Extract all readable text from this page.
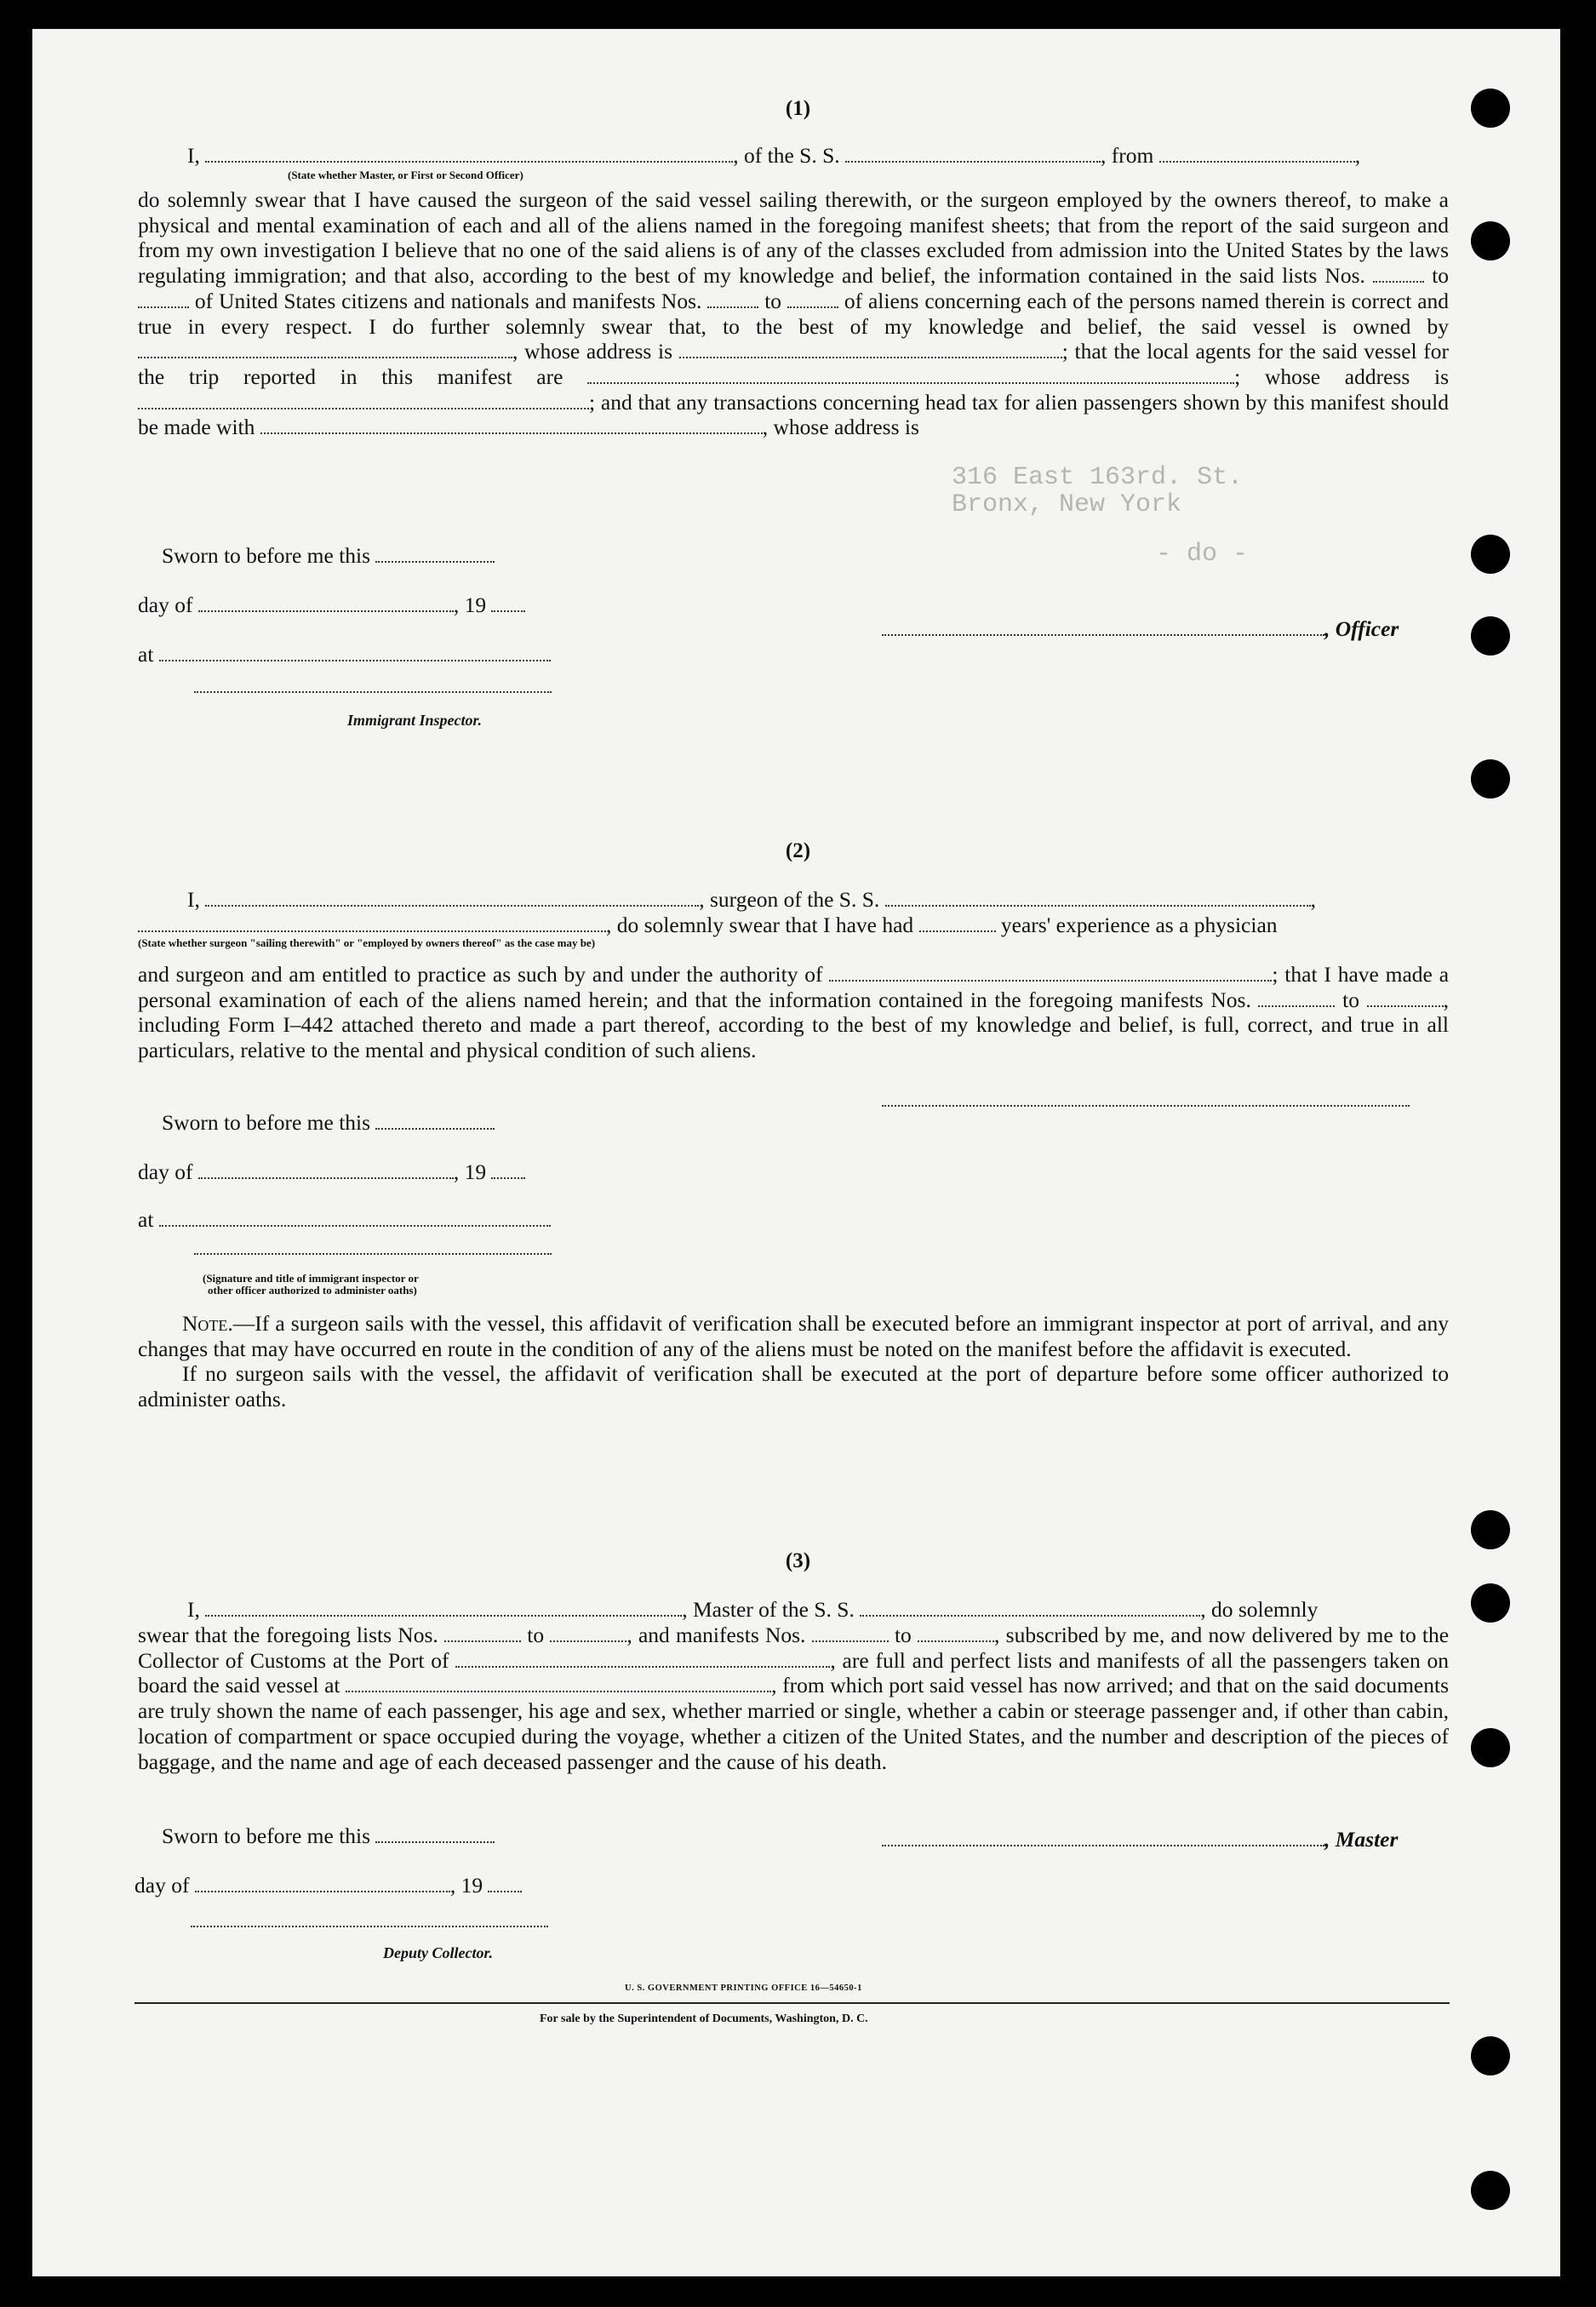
316 East 163rd. St.
Bronx, New York
- do -
(1)
I,	, of the S. S.	, from	,
(State whether Master, or First or Second Officer)

do solemnly swear that I have caused the surgeon of the said vessel sailing therewith, or the surgeon employed by the owners thereof, to make a physical and mental examination of each and all of the aliens named in the foregoing manifest sheets; that from the report of the said surgeon and from my own investigation I believe that no one of the said aliens is of any of the classes excluded from admission into the United States by the laws regulating immigration; and that also, according to the best of my knowledge and belief, the information contained in the said lists Nos.	to  of United States citizens and nationals and manifests Nos.	to	of aliens concerning each of the persons named therein is correct and true in every respect. I do further solemnly swear that, to the best of my knowledge and belief, the said vessel is owned by , whose address is	; that the local agents for the said vessel for the trip reported in this manifest are	; whose address is ; and that any transactions concerning head tax for alien passengers shown by this manifest should be made with	, whose address is

Sworn to before me this
day of	, 19
at
, Officer
Immigrant Inspector.
(2)
I,	, surgeon of the S. S.	,
, do solemnly swear that I have had	years' experience as a physician
(State whether surgeon "sailing therewith" or "employed by owners thereof" as the case may be)

and surgeon and am entitled to practice as such by and under the authority of	; that I have made a personal examination of each of the aliens named herein; and that the information contained in the foregoing manifests Nos.	to	, including Form I–442 attached thereto and made a part thereof, according to the best of my knowledge and belief, is full, correct, and true in all particulars, relative to the mental and physical condition of such aliens.

Sworn to before me this
day of	, 19
at
(Signature and title of immigrant inspector or
other officer authorized to administer oaths)

Note.—If a surgeon sails with the vessel, this affidavit of verification shall be executed before an immigrant inspector at port of arrival, and any changes that may have occurred en route in the condition of any of the aliens must be noted on the manifest before the affidavit is executed.

If no surgeon sails with the vessel, the affidavit of verification shall be executed at the port of departure before some officer authorized to administer oaths.

(3)
I,	, Master of the S. S.	, do solemnly

swear that the foregoing lists Nos.	to	, and manifests Nos.	to	, subscribed by me, and now delivered by me to the Collector of Customs at the Port of	, are full and perfect lists and manifests of all the passengers taken on board the said vessel at	, from which port said vessel has now arrived; and that on the said documents are truly shown the name of each passenger, his age and sex, whether married or single, whether a cabin or steerage passenger and, if other than cabin, location of compartment or space occupied during the voyage, whether a citizen of the United States, and the number and description of the pieces of baggage, and the name and age of each deceased passenger and the cause of his death.

Sworn to before me this	, Master
day of	, 19
Deputy Collector.
U. S. GOVERNMENT PRINTING OFFICE 16—54650-1
For sale by the Superintendent of Documents, Washington, D. C.
